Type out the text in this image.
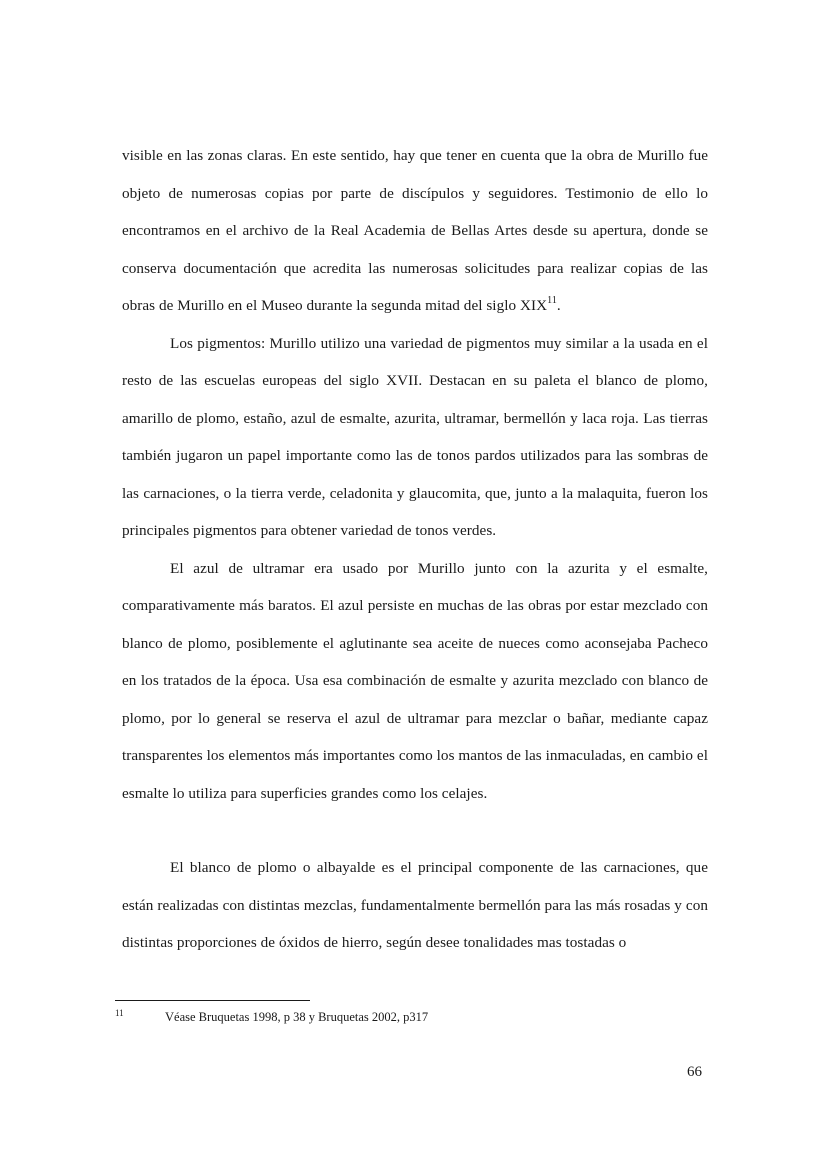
visible en las zonas claras. En este sentido, hay que tener en cuenta que la obra de Murillo fue objeto de numerosas copias por parte de discípulos y seguidores. Testimonio de ello lo encontramos en el archivo de la Real Academia de Bellas Artes desde su apertura, donde se conserva documentación que acredita las numerosas solicitudes para realizar copias de las obras de Murillo en el Museo durante la segunda mitad del siglo XIX$^{11}$.

Los pigmentos: Murillo utilizo una variedad de pigmentos muy similar a la usada en el resto de las escuelas europeas del siglo XVII. Destacan en su paleta el blanco de plomo, amarillo de plomo, estaño, azul de esmalte, azurita, ultramar, bermellón y laca roja. Las tierras también jugaron un papel importante como las de tonos pardos utilizados para las sombras de las carnaciones, o la tierra verde, celadonita y glaucomita, que, junto a la malaquita, fueron los principales pigmentos para obtener variedad de tonos verdes.

El azul de ultramar era usado por Murillo junto con la azurita y el esmalte, comparativamente más baratos. El azul persiste en muchas de las obras por estar mezclado con blanco de plomo, posiblemente el aglutinante sea aceite de nueces como aconsejaba Pacheco en los tratados de la época. Usa esa combinación de esmalte y azurita mezclado con blanco de plomo, por lo general se reserva el azul de ultramar para mezclar o bañar, mediante capaz transparentes los elementos más importantes como los mantos de las inmaculadas, en cambio el esmalte lo utiliza para superficies grandes como los celajes.

El blanco de plomo o albayalde es el principal componente de las carnaciones, que están realizadas con distintas mezclas, fundamentalmente bermellón para las más rosadas y con distintas proporciones de óxidos de hierro, según desee tonalidades mas tostadas o

11	Véase Bruquetas 1998, p 38 y Bruquetas 2002, p317
66
